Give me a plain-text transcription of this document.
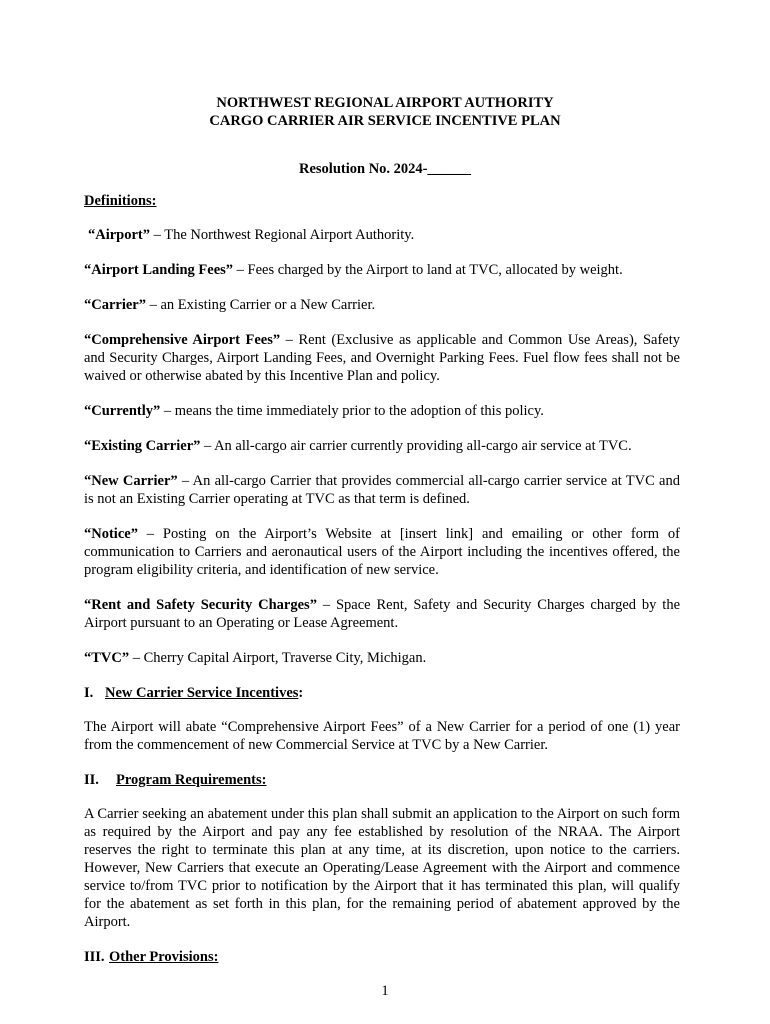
NORTHWEST REGIONAL AIRPORT AUTHORITY
CARGO CARRIER AIR SERVICE INCENTIVE PLAN
Resolution No. 2024-______
Definitions:
“Airport” – The Northwest Regional Airport Authority.
“Airport Landing Fees” – Fees charged by the Airport to land at TVC, allocated by weight.
“Carrier” – an Existing Carrier or a New Carrier.
“Comprehensive Airport Fees” – Rent (Exclusive as applicable and Common Use Areas), Safety and Security Charges, Airport Landing Fees, and Overnight Parking Fees. Fuel flow fees shall not be waived or otherwise abated by this Incentive Plan and policy.
“Currently” – means the time immediately prior to the adoption of this policy.
“Existing Carrier” – An all-cargo air carrier currently providing all-cargo air service at TVC.
“New Carrier” – An all-cargo Carrier that provides commercial all-cargo carrier service at TVC and is not an Existing Carrier operating at TVC as that term is defined.
“Notice” – Posting on the Airport’s Website at [insert link] and emailing or other form of communication to Carriers and aeronautical users of the Airport including the incentives offered, the program eligibility criteria, and identification of new service.
“Rent and Safety Security Charges” – Space Rent, Safety and Security Charges charged by the Airport pursuant to an Operating or Lease Agreement.
“TVC” – Cherry Capital Airport, Traverse City, Michigan.
I. New Carrier Service Incentives:
The Airport will abate “Comprehensive Airport Fees” of a New Carrier for a period of one (1) year from the commencement of new Commercial Service at TVC by a New Carrier.
II. Program Requirements:
A Carrier seeking an abatement under this plan shall submit an application to the Airport on such form as required by the Airport and pay any fee established by resolution of the NRAA. The Airport reserves the right to terminate this plan at any time, at its discretion, upon notice to the carriers. However, New Carriers that execute an Operating/Lease Agreement with the Airport and commence service to/from TVC prior to notification by the Airport that it has terminated this plan, will qualify for the abatement as set forth in this plan, for the remaining period of abatement approved by the Airport.
III. Other Provisions:
1
